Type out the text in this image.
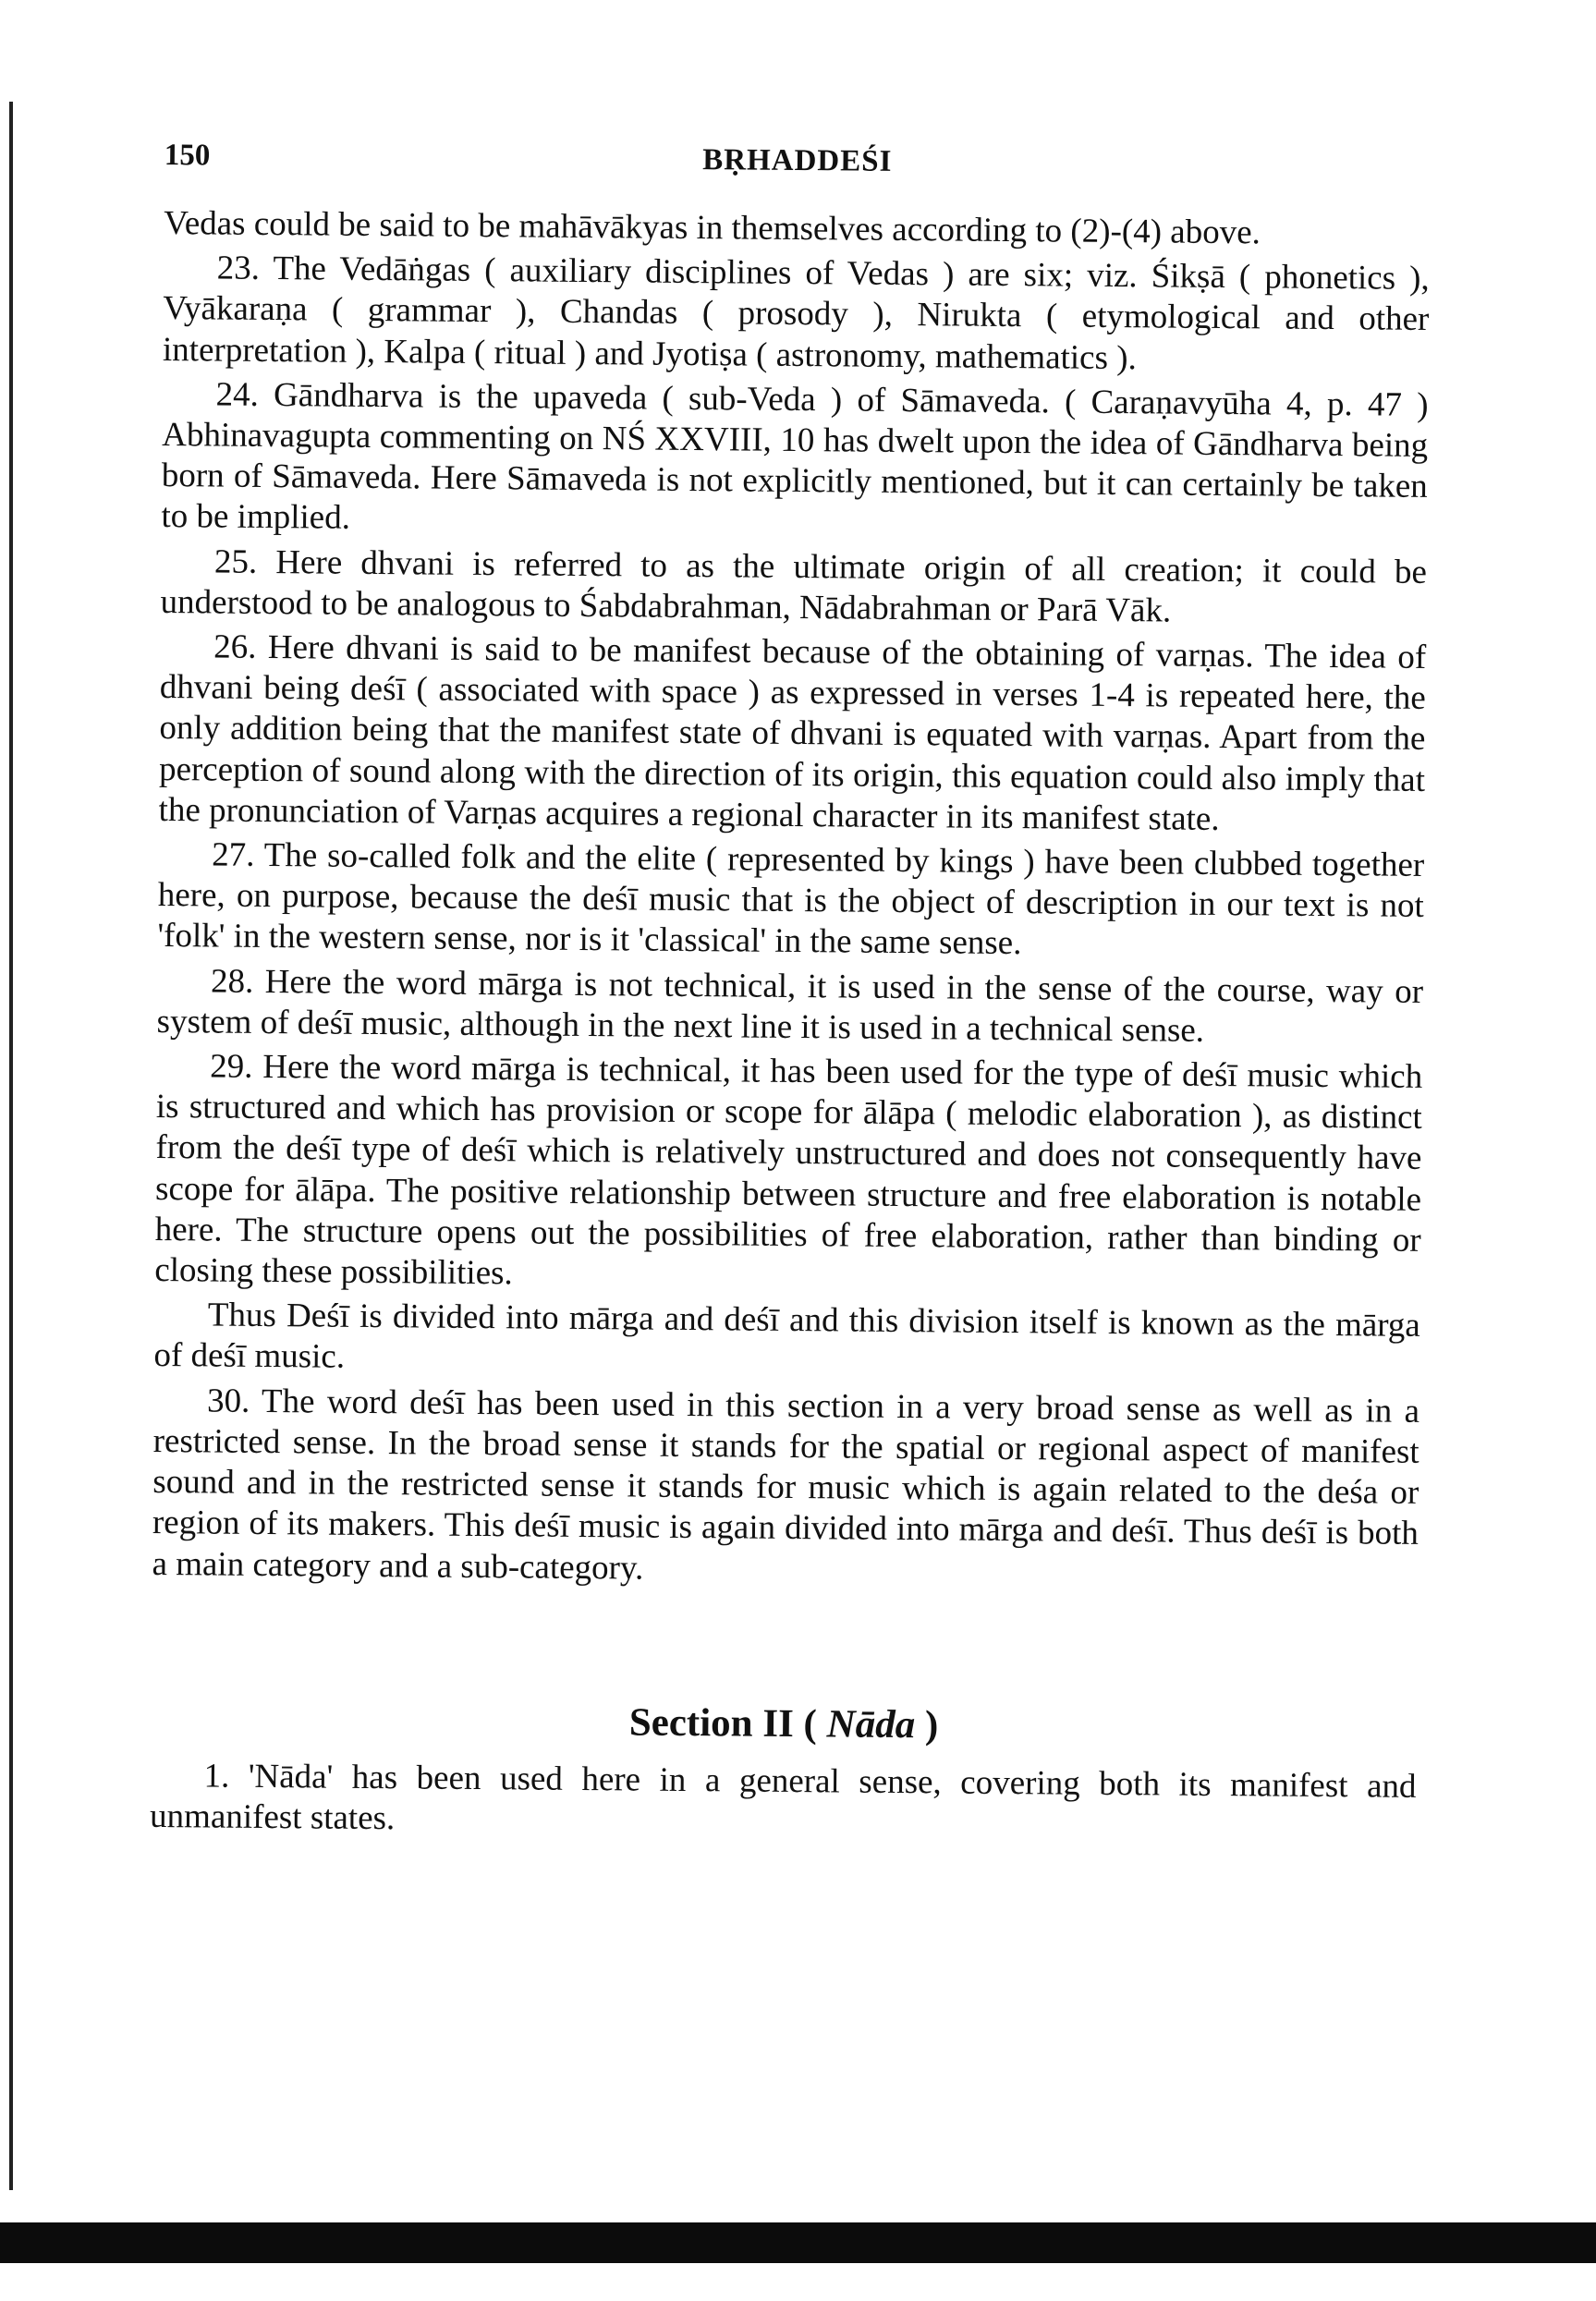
150	BṚHADDEŚI

Vedas could be said to be mahāvākyas in themselves according to (2)-(4) above.

23. The Vedāṅgas ( auxiliary disciplines of Vedas ) are six; viz. Śikṣā ( phonetics ), Vyākaraṇa ( grammar ), Chandas ( prosody ), Nirukta ( etymological and other interpretation ), Kalpa ( ritual ) and Jyotiṣa ( astronomy, mathematics ).

24. Gāndharva is the upaveda ( sub-Veda ) of Sāmaveda. ( Caraṇavyūha 4, p. 47 ) Abhinavagupta commenting on NŚ XXVIII, 10 has dwelt upon the idea of Gāndharva being born of Sāmaveda. Here Sāmaveda is not explicitly mentioned, but it can certainly be taken to be implied.

25. Here dhvani is referred to as the ultimate origin of all creation; it could be understood to be analogous to Śabdabrahman, Nādabrahman or Parā Vāk.

26. Here dhvani is said to be manifest because of the obtaining of varṇas. The idea of dhvani being deśī ( associated with space ) as expressed in verses 1-4 is repeated here, the only addition being that the manifest state of dhvani is equated with varṇas. Apart from the perception of sound along with the direction of its origin, this equation could also imply that the pronunciation of Varṇas acquires a regional character in its manifest state.

27. The so-called folk and the elite ( represented by kings ) have been clubbed together here, on purpose, because the deśī music that is the object of description in our text is not 'folk' in the western sense, nor is it 'classical' in the same sense.

28. Here the word mārga is not technical, it is used in the sense of the course, way or system of deśī music, although in the next line it is used in a technical sense.

29. Here the word mārga is technical, it has been used for the type of deśī music which is structured and which has provision or scope for ālāpa ( melodic elaboration ), as distinct from the deśī type of deśī which is relatively unstructured and does not consequently have scope for ālāpa. The positive relationship between structure and free elaboration is notable here. The structure opens out the possibilities of free elaboration, rather than binding or closing these possibilities.

Thus Deśī is divided into mārga and deśī and this division itself is known as the mārga of deśī music.

30. The word deśī has been used in this section in a very broad sense as well as in a restricted sense. In the broad sense it stands for the spatial or regional aspect of manifest sound and in the restricted sense it stands for music which is again related to the deśa or region of its makers. This deśī music is again divided into mārga and deśī. Thus deśī is both a main category and a sub-category.

Section II ( Nāda )

1. 'Nāda' has been used here in a general sense, covering both its manifest and unmanifest states.
